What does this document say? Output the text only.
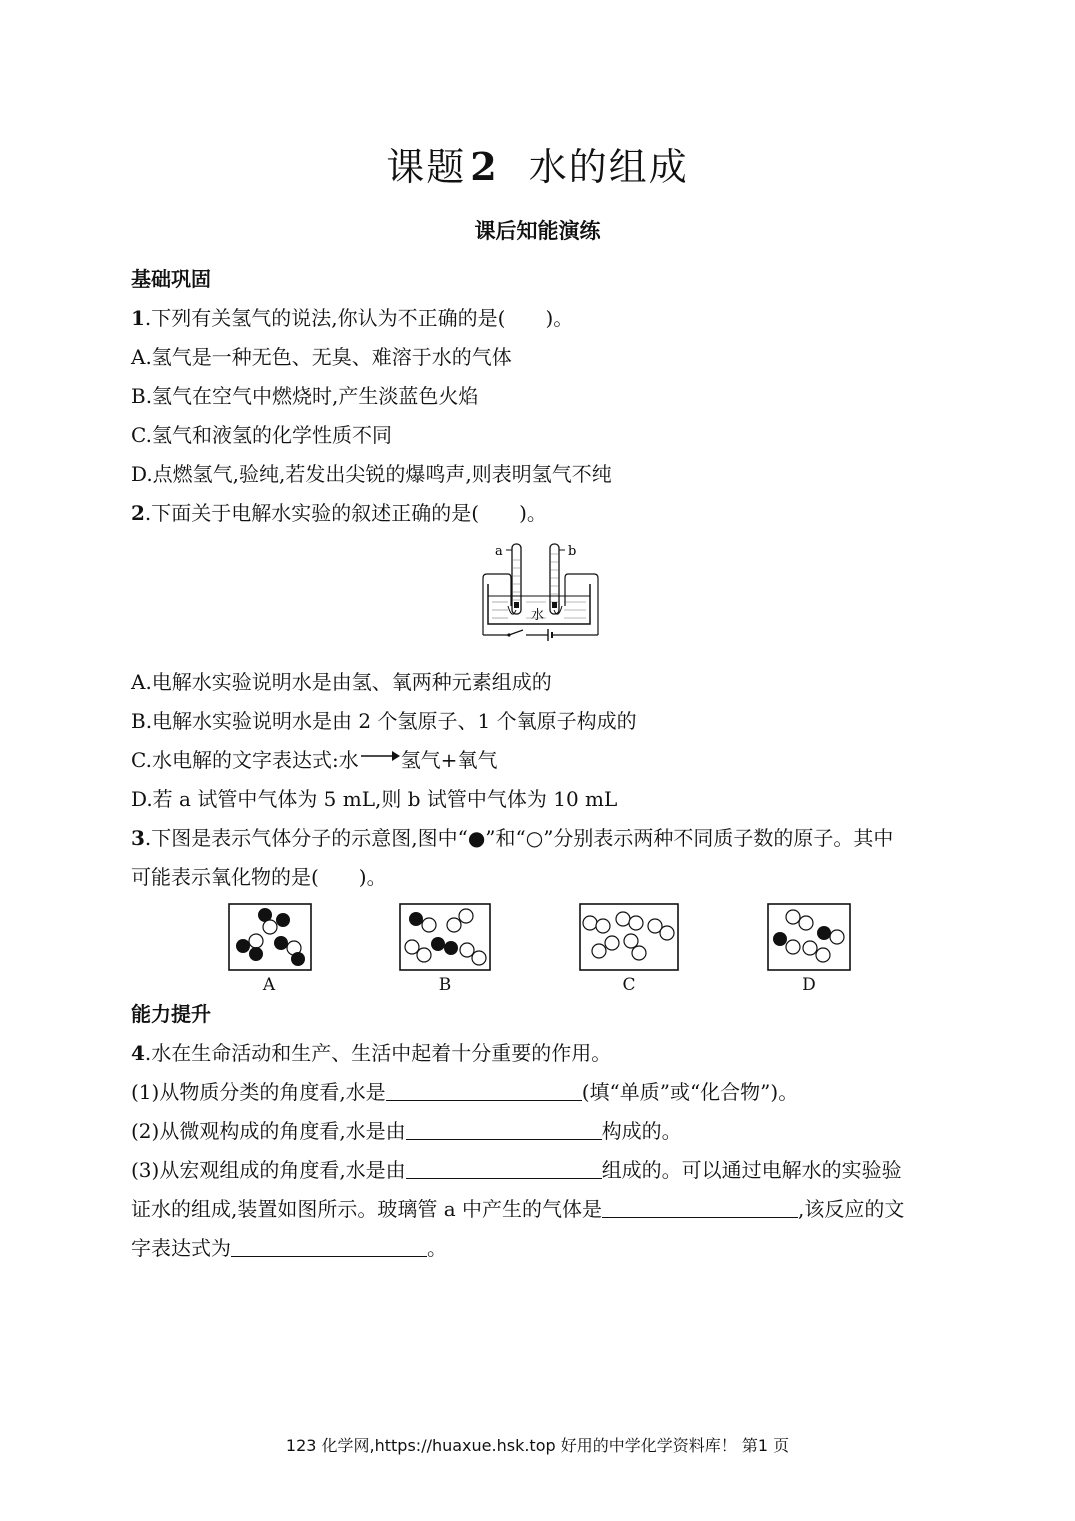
课题 2 水的组成
课后知能演练
基础巩固
1.下列有关氢气的说法,你认为不正确的是(　　)。
A.氢气是一种无色、无臭、难溶于水的气体
B.氢气在空气中燃烧时,产生淡蓝色火焰
C.氢气和液氢的化学性质不同
D.点燃氢气,验纯,若发出尖锐的爆鸣声,则表明氢气不纯
2.下面关于电解水实验的叙述正确的是(　　)。
a	b
水
A.电解水实验说明水是由氢、氧两种元素组成的
B.电解水实验说明水是由 2 个氢原子、1 个氧原子构成的
C.水电解的文字表达式:水→氢气+氧气
D.若 a 试管中气体为 5 mL,则 b 试管中气体为 10 mL
3.下图是表示气体分子的示意图,图中“●”和“○”分别表示两种不同质子数的原子。其中
可能表示氧化物的是(　　)。
A	B	C	D
能力提升
4.水在生命活动和生产、生活中起着十分重要的作用。
(1)从物质分类的角度看,水是	(填“单质”或“化合物”)。
(2)从微观构成的角度看,水是由	构成的。
(3)从宏观组成的角度看,水是由	组成的。可以通过电解水的实验验
证水的组成,装置如图所示。玻璃管 a 中产生的气体是	,该反应的文
字表达式为	。
123 化学网,https://huaxue.hsk.top 好用的中学化学资料库！ 第1 页
